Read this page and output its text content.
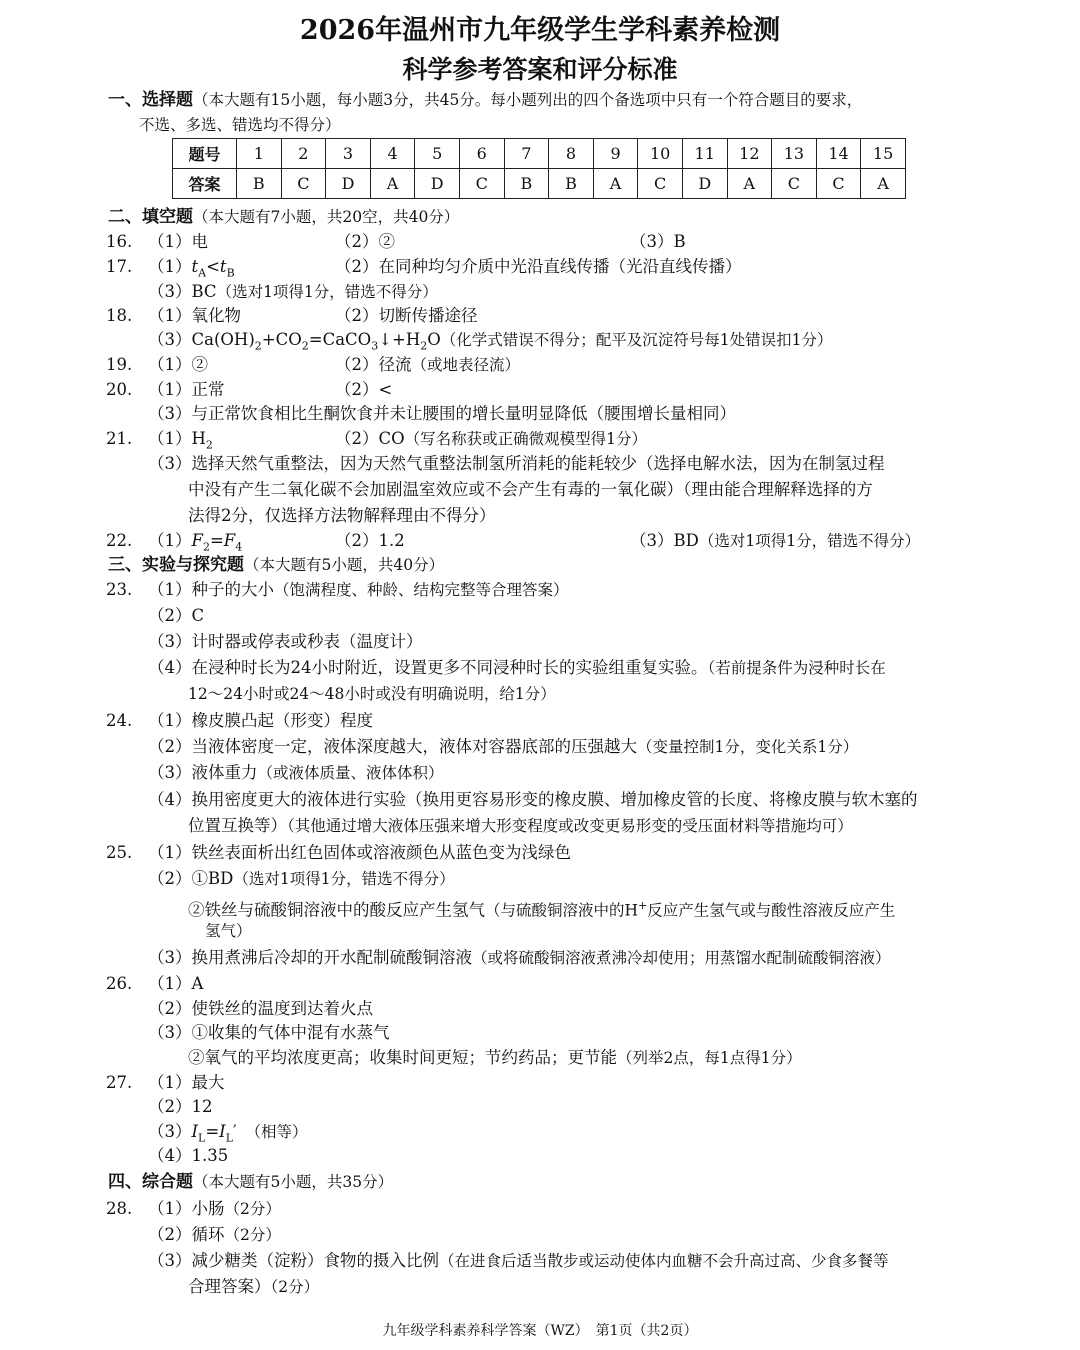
2026年温州市九年级学生学科素养检测
科学参考答案和评分标准
一、选择题（本大题有15小题，每小题3分，共45分。每小题列出的四个备选项中只有一个符合题目的要求，
不选、多选、错选均不得分）
题号	1	2	3	4	5	6	7	8	9	10	11	12	13	14	15
答案	B	C	D	A	D	C	B	B	A	C	D	A	C	C	A
二、填空题（本大题有7小题，共20空，共40分）
16. （1）电	（2）②	（3）B
17. $(1)t_A<t_B$	（2）在同种均匀介质中光沿直线传播（光沿直线传播）
（3）BC（选对1项得1分，错选不得分）
18. （1）氧化物	（2）切断传播途径
$(3)Ca(OH)_2+CO_2=CaCO_3↓+H_2O$（化学式错误不得分；配平及沉淀符号每1处错误扣1分）
19. （1）②	（2）径流（或地表径流）
20. （1）正常	（2）<
（3）与正常饮食相比生酮饮食并未让腰围的增长量明显降低（腰围增长量相同）
21. $(1)H_2$	（2）CO（写名称获或正确微观模型得1分）
（3）选择天然气重整法，因为天然气重整法制氢所消耗的能耗较少（选择电解水法，因为在制氢过程
中没有产生二氧化碳不会加剧温室效应或不会产生有毒的一氧化碳）（理由能合理解释选择的方
法得2分，仅选择方法物解释理由不得分）
22. $(1)F_2=F_4$	（2）1.2	（3）BD（选对1项得1分，错选不得分）
三、实验与探究题（本大题有5小题，共40分）
23. （1）种子的大小（饱满程度、种龄、结构完整等合理答案）
（2）C
（3）计时器或停表或秒表（温度计）
（4）在浸种时长为24小时附近，设置更多不同浸种时长的实验组重复实验。（若前提条件为浸种时长在
12～24小时或24～48小时或没有明确说明，给1分）
24. （1）橡皮膜凸起（形变）程度
（2）当液体密度一定，液体深度越大，液体对容器底部的压强越大（变量控制1分，变化关系1分）
（3）液体重力（或液体质量、液体体积）
（4）换用密度更大的液体进行实验（换用更容易形变的橡皮膜、增加橡皮管的长度、将橡皮膜与软木塞的
位置互换等）（其他通过增大液体压强来增大形变程度或改变更易形变的受压面材料等措施均可）
25. （1）铁丝表面析出红色固体或溶液颜色从蓝色变为浅绿色
（2）①BD（选对1项得1分，错选不得分）
②铁丝与硫酸铜溶液中的酸反应产生氢气（与硫酸铜溶液中的H+反应产生氢气或与酸性溶液反应产生
氢气）
（3）换用煮沸后冷却的开水配制硫酸铜溶液（或将硫酸铜溶液煮沸冷却使用；用蒸馏水配制硫酸铜溶液）
26. （1）A
（2）使铁丝的温度到达着火点
（3）①收集的气体中混有水蒸气
②氧气的平均浓度更高；收集时间更短；节约药品；更节能（列举2点，每1点得1分）
27. （1）最大
（2）12
$(3)I_L=I_L'$　（相等）
（4）1.35
四、综合题（本大题有5小题，共35分）
28. （1）小肠（2分）
（2）循环（2分）
（3）减少糖类（淀粉）食物的摄入比例（在进食后适当散步或运动使体内血糖不会升高过高、少食多餐等
合理答案）（2分）
九年级学科素养科学答案（WZ）　第1页（共2页）
